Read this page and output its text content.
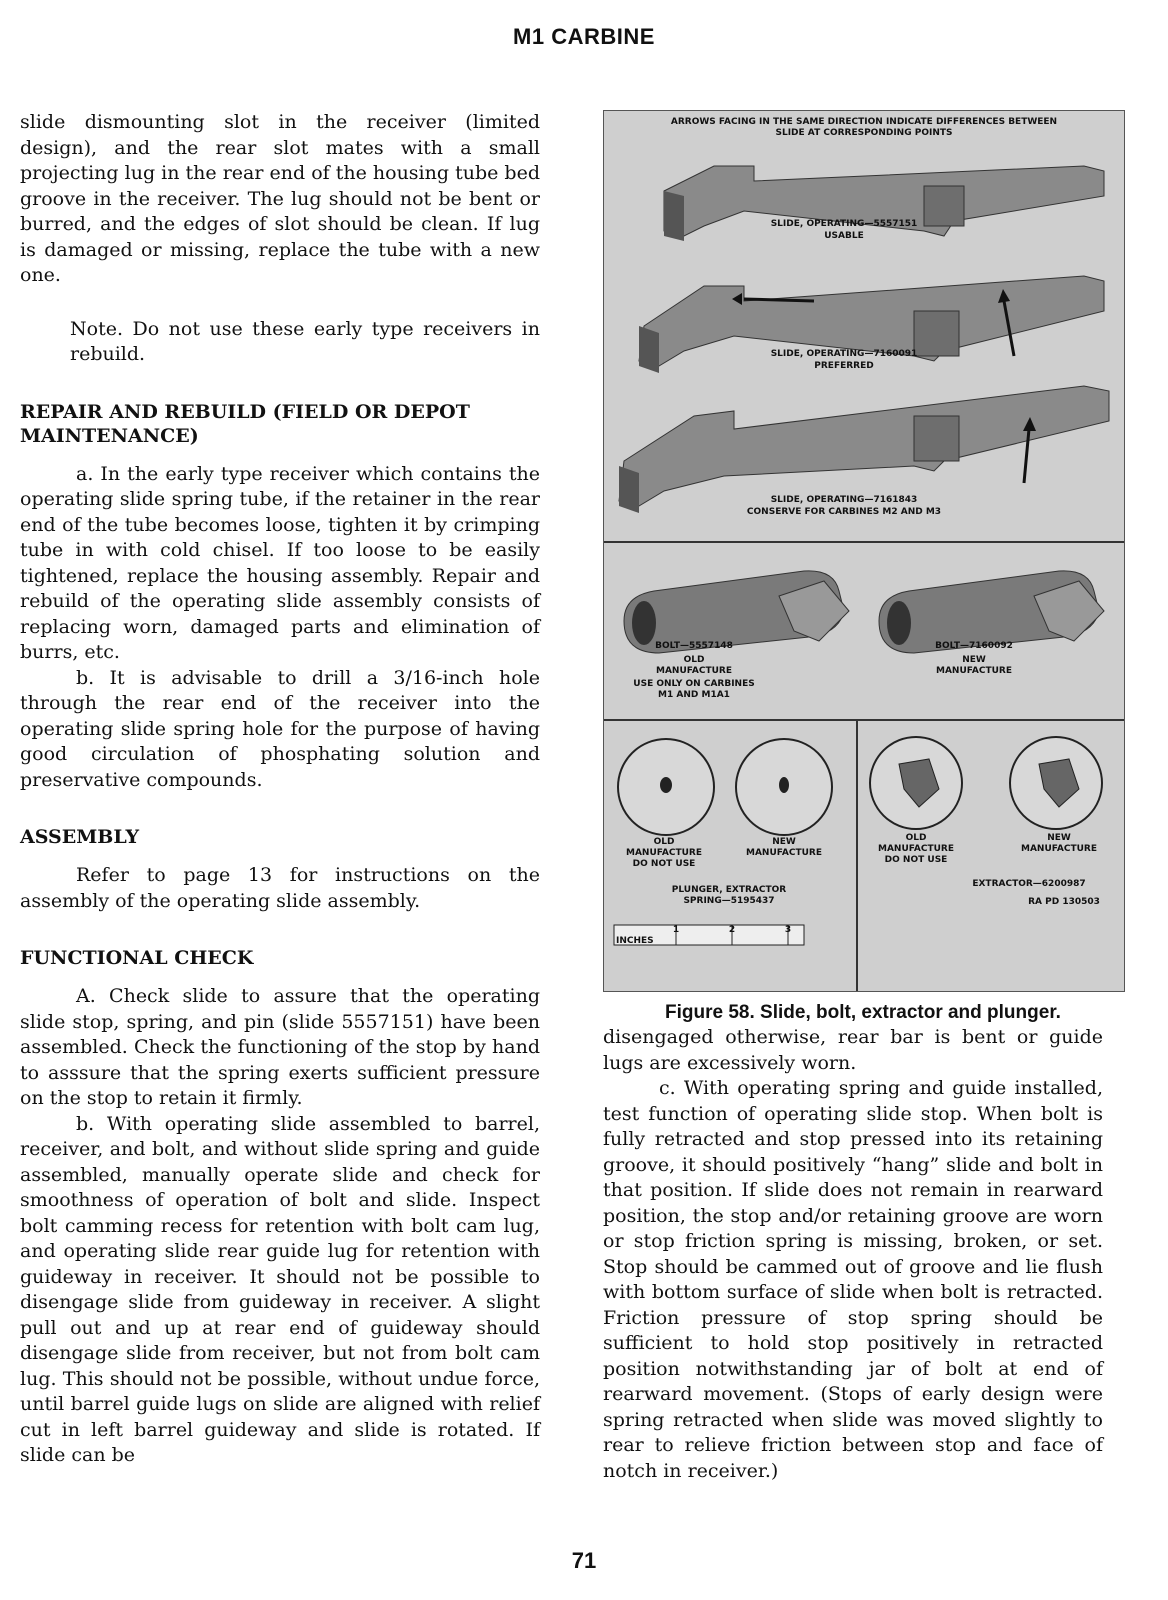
M1 CARBINE

slide dismounting slot in the receiver (limited design), and the rear slot mates with a small projecting lug in the rear end of the housing tube bed groove in the receiver. The lug should not be bent or burred, and the edges of slot should be clean. If lug is damaged or missing, replace the tube with a new one.

Note. Do not use these early type receivers in rebuild.

REPAIR AND REBUILD (FIELD OR DEPOT MAINTENANCE)

a. In the early type receiver which contains the operating slide spring tube, if the retainer in the rear end of the tube becomes loose, tighten it by crimping tube in with cold chisel. If too loose to be easily tightened, replace the housing assembly. Repair and rebuild of the operating slide assembly consists of replacing worn, damaged parts and elimination of burrs, etc.

b. It is advisable to drill a 3/16-inch hole through the rear end of the receiver into the operating slide spring hole for the purpose of having good circulation of phosphating solution and preservative compounds.

ASSEMBLY

Refer to page 13 for instructions on the assembly of the operating slide assembly.

FUNCTIONAL CHECK

A. Check slide to assure that the operating slide stop, spring, and pin (slide 5557151) have been assembled. Check the functioning of the stop by hand to asssure that the spring exerts sufficient pressure on the stop to retain it firmly.

b. With operating slide assembled to barrel, receiver, and bolt, and without slide spring and guide assembled, manually operate slide and check for smoothness of operation of bolt and slide. Inspect bolt camming recess for retention with bolt cam lug, and operating slide rear guide lug for retention with guideway in receiver. It should not be possible to disengage slide from guideway in receiver. A slight pull out and up at rear end of guideway should disengage slide from receiver, but not from bolt cam lug. This should not be possible, without undue force, until barrel guide lugs on slide are aligned with relief cut in left barrel guideway and slide is rotated. If slide can be

ARROWS FACING IN THE SAME DIRECTION INDICATE DIFFERENCES BETWEEN SLIDE AT CORRESPONDING POINTS
SLIDE, OPERATING—5557151
USABLE
SLIDE, OPERATING—7160091
PREFERRED
SLIDE, OPERATING—7161843
CONSERVE FOR CARBINES M2 AND M3
BOLT—5557148
OLD
MANUFACTURE
USE ONLY ON CARBINES
M1 AND M1A1
BOLT—7160092
NEW
MANUFACTURE
OLD
MANUFACTURE
DO NOT USE
NEW
MANUFACTURE
PLUNGER, EXTRACTOR
SPRING—5195437
OLD
MANUFACTURE
DO NOT USE
NEW
MANUFACTURE
EXTRACTOR—6200987
RA PD 130503
INCHES
1	2	3
Figure 58. Slide, bolt, extractor and plunger.

disengaged otherwise, rear bar is bent or guide lugs are excessively worn.

c. With operating spring and guide installed, test function of operating slide stop. When bolt is fully retracted and stop pressed into its retaining groove, it should positively “hang” slide and bolt in that position. If slide does not remain in rearward position, the stop and/or retaining groove are worn or stop friction spring is missing, broken, or set. Stop should be cammed out of groove and lie flush with bottom surface of slide when bolt is retracted. Friction pressure of stop spring should be sufficient to hold stop positively in retracted position notwithstanding jar of bolt at end of rearward movement. (Stops of early design were spring retracted when slide was moved slightly to rear to relieve friction between stop and face of notch in receiver.)

71
